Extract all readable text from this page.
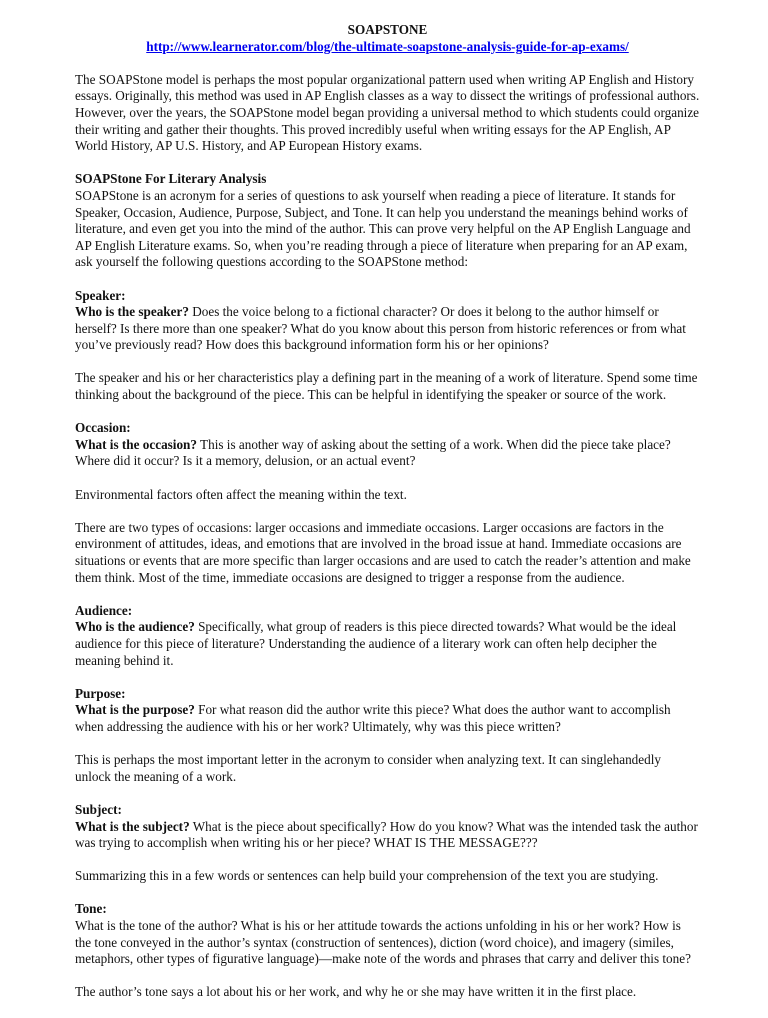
SOAPSTONE
http://www.learnerator.com/blog/the-ultimate-soapstone-analysis-guide-for-ap-exams/

The SOAPStone model is perhaps the most popular organizational pattern used when writing AP English and History essays. Originally, this method was used in AP English classes as a way to dissect the writings of professional authors. However, over the years, the SOAPStone model began providing a universal method to which students could organize their writing and gather their thoughts. This proved incredibly useful when writing essays for the AP English, AP World History, AP U.S. History, and AP European History exams.

SOAPStone For Literary Analysis
SOAPStone is an acronym for a series of questions to ask yourself when reading a piece of literature. It stands for Speaker, Occasion, Audience, Purpose, Subject, and Tone. It can help you understand the meanings behind works of literature, and even get you into the mind of the author. This can prove very helpful on the AP English Language and AP English Literature exams. So, when you’re reading through a piece of literature when preparing for an AP exam, ask yourself the following questions according to the SOAPStone method:

Speaker:
Who is the speaker? Does the voice belong to a fictional character? Or does it belong to the author himself or herself? Is there more than one speaker? What do you know about this person from historic references or from what you’ve previously read? How does this background information form his or her opinions?

The speaker and his or her characteristics play a defining part in the meaning of a work of literature. Spend some time thinking about the background of the piece. This can be helpful in identifying the speaker or source of the work.

Occasion:
What is the occasion? This is another way of asking about the setting of a work. When did the piece take place? Where did it occur? Is it a memory, delusion, or an actual event?

Environmental factors often affect the meaning within the text.

There are two types of occasions: larger occasions and immediate occasions. Larger occasions are factors in the environment of attitudes, ideas, and emotions that are involved in the broad issue at hand. Immediate occasions are situations or events that are more specific than larger occasions and are used to catch the reader’s attention and make them think. Most of the time, immediate occasions are designed to trigger a response from the audience.

Audience:
Who is the audience? Specifically, what group of readers is this piece directed towards? What would be the ideal audience for this piece of literature? Understanding the audience of a literary work can often help decipher the meaning behind it.

Purpose:
What is the purpose? For what reason did the author write this piece? What does the author want to accomplish when addressing the audience with his or her work? Ultimately, why was this piece written?

This is perhaps the most important letter in the acronym to consider when analyzing text. It can singlehandedly unlock the meaning of a work.

Subject:
What is the subject? What is the piece about specifically? How do you know? What was the intended task the author was trying to accomplish when writing his or her piece? WHAT IS THE MESSAGE???

Summarizing this in a few words or sentences can help build your comprehension of the text you are studying.

Tone:
What is the tone of the author? What is his or her attitude towards the actions unfolding in his or her work? How is the tone conveyed in the author’s syntax (construction of sentences), diction (word choice), and imagery (similes, metaphors, other types of figurative language)—make note of the words and phrases that carry and deliver this tone?

The author’s tone says a lot about his or her work, and why he or she may have written it in the first place.
